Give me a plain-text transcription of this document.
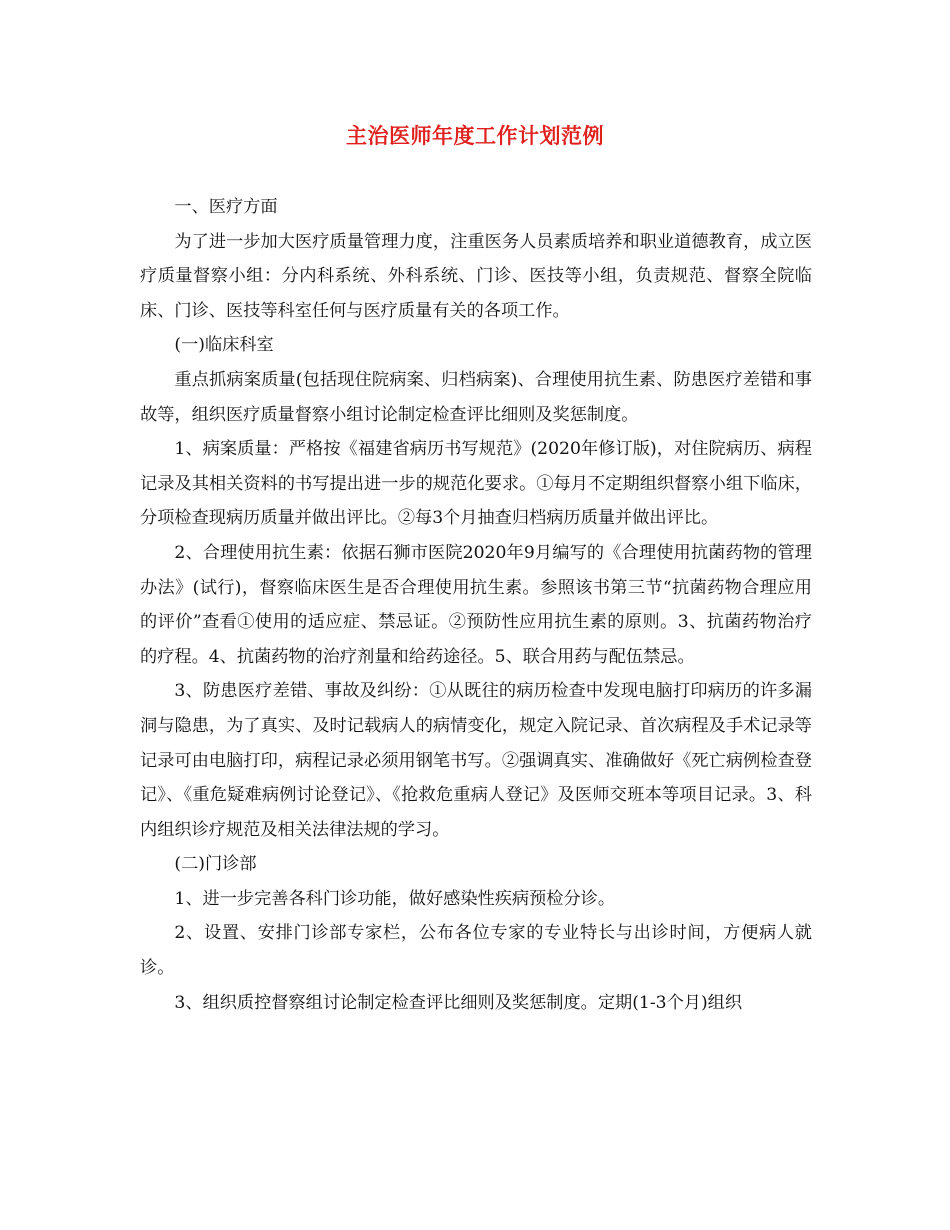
主治医师年度工作计划范例

一、医疗方面

为了进一步加大医疗质量管理力度，注重医务人员素质培养和职业道德教育，成立医疗质量督察小组：分内科系统、外科系统、门诊、医技等小组，负责规范、督察全院临床、门诊、医技等科室任何与医疗质量有关的各项工作。

(一)临床科室

重点抓病案质量(包括现住院病案、归档病案)、合理使用抗生素、防患医疗差错和事故等，组织医疗质量督察小组讨论制定检查评比细则及奖惩制度。

1、病案质量：严格按《福建省病历书写规范》(2020年修订版)，对住院病历、病程记录及其相关资料的书写提出进一步的规范化要求。①每月不定期组织督察小组下临床，分项检查现病历质量并做出评比。②每3个月抽查归档病历质量并做出评比。

2、合理使用抗生素：依据石狮市医院2020年9月编写的《合理使用抗菌药物的管理办法》(试行)，督察临床医生是否合理使用抗生素。参照该书第三节“抗菌药物合理应用的评价”查看①使用的适应症、禁忌证。②预防性应用抗生素的原则。3、抗菌药物治疗的疗程。4、抗菌药物的治疗剂量和给药途径。5、联合用药与配伍禁忌。

3、防患医疗差错、事故及纠纷：①从既往的病历检查中发现电脑打印病历的许多漏洞与隐患，为了真实、及时记载病人的病情变化，规定入院记录、首次病程及手术记录等记录可由电脑打印，病程记录必须用钢笔书写。②强调真实、准确做好《死亡病例检查登记》、《重危疑难病例讨论登记》、《抢救危重病人登记》及医师交班本等项目记录。3、科内组织诊疗规范及相关法律法规的学习。

(二)门诊部

1、进一步完善各科门诊功能，做好感染性疾病预检分诊。

2、设置、安排门诊部专家栏，公布各位专家的专业特长与出诊时间，方便病人就诊。

3、组织质控督察组讨论制定检查评比细则及奖惩制度。定期(1-3个月)组织
